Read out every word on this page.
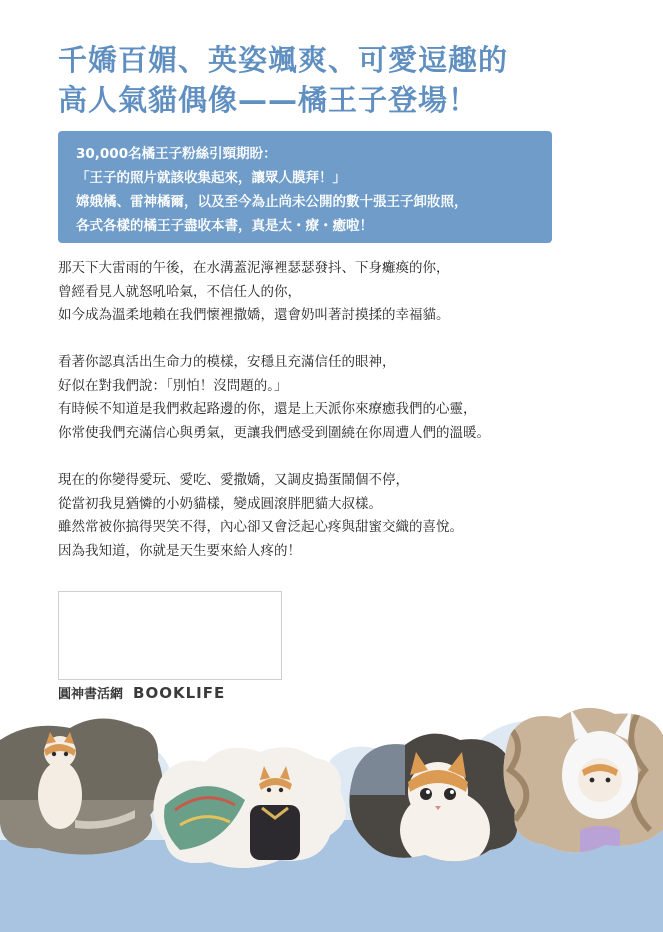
千嬌百媚、英姿颯爽、可愛逗趣的
高人氣貓偶像——橘王子登場！
30,000名橘王子粉絲引頸期盼：
「王子的照片就該收集起來，讓眾人膜拜！」
嫦娥橘、雷神橘爾，以及至今為止尚未公開的數十張王子卸妝照，
各式各樣的橘王子盡收本書，真是太・療・癒啦！
那天下大雷雨的午後，在水溝蓋泥濘裡瑟瑟發抖、下身癱瘓的你，
曾經看見人就怒吼哈氣，不信任人的你，
如今成為溫柔地賴在我們懷裡撒嬌，還會奶叫著討摸揉的幸福貓。
看著你認真活出生命力的模樣，安穩且充滿信任的眼神，
好似在對我們說：「別怕！沒問題的。」
有時候不知道是我們救起路邊的你，還是上天派你來療癒我們的心靈，
你常使我們充滿信心與勇氣，更讓我們感受到圍繞在你周遭人們的溫暖。
現在的你變得愛玩、愛吃、愛撒嬌，又調皮搗蛋鬧個不停，
從當初我見猶憐的小奶貓樣，變成圓滾胖肥貓大叔樣。
雖然常被你搞得哭笑不得，內心卻又會泛起心疼與甜蜜交織的喜悅。
因為我知道，你就是天生要來給人疼的！
圓神書活網 BOOKLIFE
